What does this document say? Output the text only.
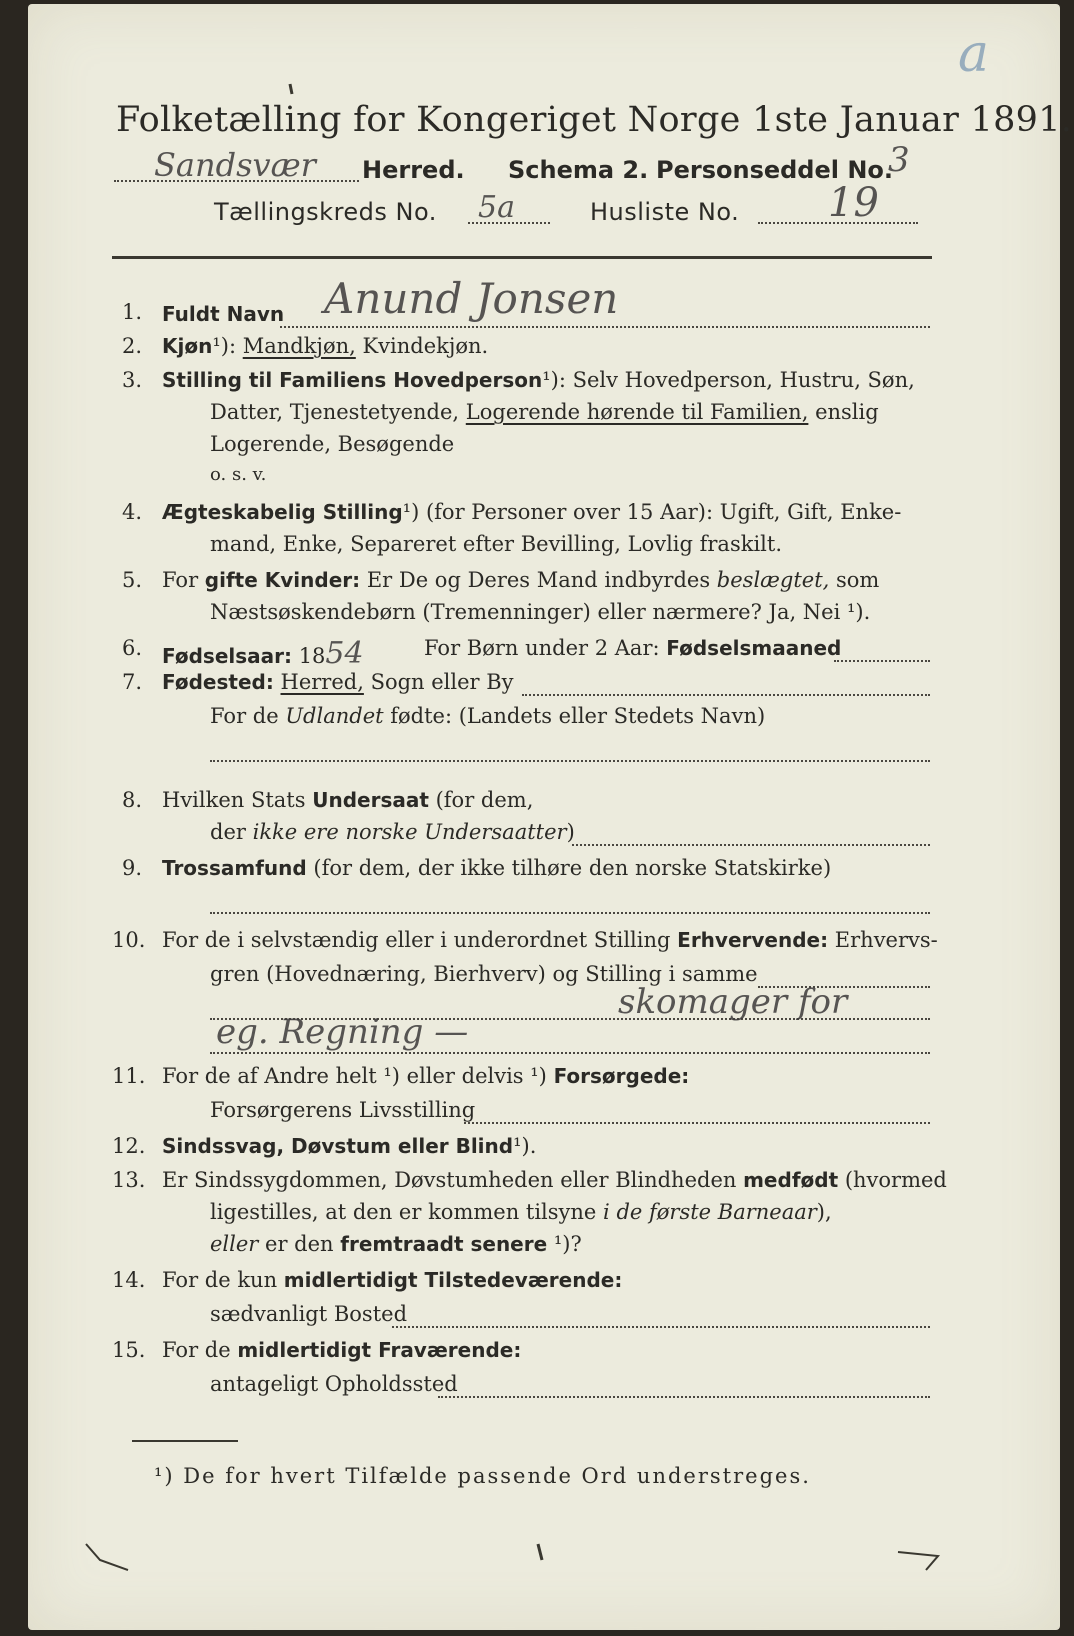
a
Folketælling for Kongeriget Norge 1ste Januar 1891.
Sandsvær Herred. Schema 2. Personseddel No.
3
Tællingskreds No. 5a	Husliste No. 19
1. Fuldt Navn Anund Jonsen
2. Kjøn¹): Mandkjøn, Kvindekjøn.
3. Stilling til Familiens Hovedperson¹): Selv Hovedperson, Hustru, Søn,
Datter, Tjenestetyende, Logerende hørende til Familien, enslig
Logerende, Besøgende
o. s. v.
4. Ægteskabelig Stilling¹) (for Personer over 15 Aar): Ugift, Gift, Enke-
mand, Enke, Separeret efter Bevilling, Lovlig fraskilt.
5. For gifte Kvinder: Er De og Deres Mand indbyrdes beslægtet, som
Næstsøskendebørn (Tremenninger) eller nærmere? Ja, Nei ¹).
6. Fødselsaar: 1854	For Børn under 2 Aar: Fødselsmaaned
7. Fødested: Herred, Sogn eller By
For de Udlandet fødte: (Landets eller Stedets Navn)
8. Hvilken Stats Undersaat (for dem,
der ikke ere norske Undersaatter)
9. Trossamfund (for dem, der ikke tilhøre den norske Statskirke)
10. For de i selvstændig eller i underordnet Stilling Erhvervende: Erhvervs-
gren (Hovednæring, Bierhverv) og Stilling i samme
skomager for
eg. Regning —
11. For de af Andre helt ¹) eller delvis ¹) Forsørgede:
Forsørgerens Livsstilling
12. Sindssvag, Døvstum eller Blind¹).
13. Er Sindssygdommen, Døvstumheden eller Blindheden medfødt (hvormed
ligestilles, at den er kommen tilsyne i de første Barneaar),
eller er den fremtraadt senere ¹)?
14. For de kun midlertidigt Tilstedeværende:
sædvanligt Bosted
15. For de midlertidigt Fraværende:
antageligt Opholdssted
¹) De for hvert Tilfælde passende Ord understreges.
